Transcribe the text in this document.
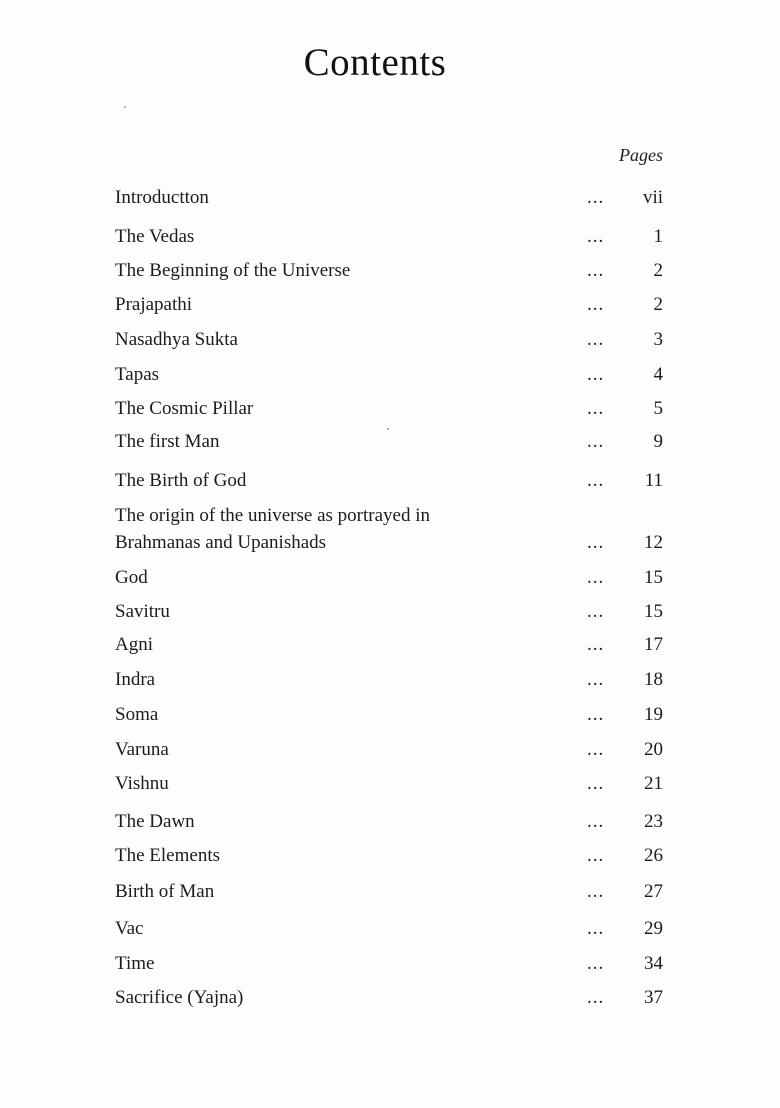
Contents
Pages
Introductton	... vii
The Vedas	...	1
The Beginning of the Universe	...	2
Prajapathi	...	2
Nasadhya Sukta	...	3
Tapas	...	4
The Cosmic Pillar	...	5
The first Man	...	9
The Birth of God	... 11
The origin of the universe as portrayed in
Brahmanas and Upanishads	... 12
God	... 15
Savitru	... 15
Agni	... 17
Indra	... 18
Soma	... 19
Varuna	... 20
Vishnu	... 21
The Dawn	... 23
The Elements	... 26
Birth of Man	... 27
Vac	... 29
Time	... 34
Sacrifice (Yajna)	... 37
